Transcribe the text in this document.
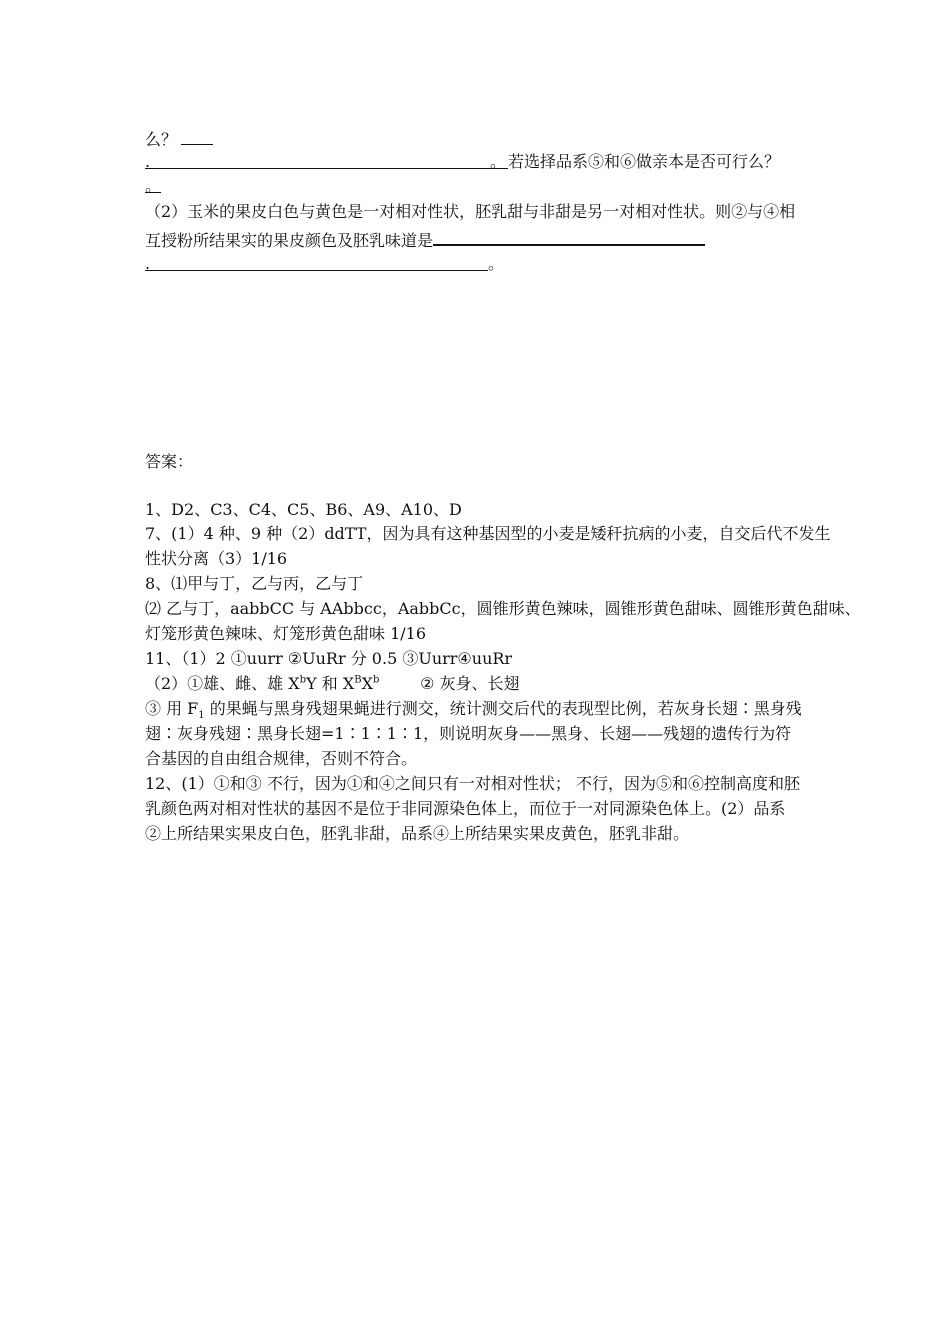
么？
.	。 若选择品系⑤和⑥做亲本是否可行么？
。
（2）玉米的果皮白色与黄色是一对相对性状，胚乳甜与非甜是另一对相对性状。则②与④相
互授粉所结果实的果皮颜色及胚乳味道是
.	。
答案：
1、D2、C3、C4、C5、B6、A9、A10、D
7、(1）4 种、9 种（2）ddTT，因为具有这种基因型的小麦是矮秆抗病的小麦，自交后代不发生
性状分离（3）1/16
8、⑴甲与丁，乙与丙，乙与丁
⑵ 乙与丁，aabbCC 与 AAbbcc，AabbCc，圆锥形黄色辣味，圆锥形黄色甜味、圆锥形黄色甜味、
灯笼形黄色辣味、灯笼形黄色甜味 1/16
11、（1）2 ①uurr ②UuRr 分 0.5 ③Uurr④uuRr
（2）①雄、雌、雄 $X^bY$ 和 $X^BX^b$        ② 灰身、长翅
③ 用 $F_1$ 的果蝇与黑身残翅果蝇进行测交，统计测交后代的表现型比例，若灰身长翅∶黑身残
翅∶灰身残翅∶黑身长翅=1∶1∶1∶1，则说明灰身——黑身、长翅——残翅的遗传行为符
合基因的自由组合规律，否则不符合。
12、(1）①和③ 不行，因为①和④之间只有一对相对性状； 不行，因为⑤和⑥控制高度和胚
乳颜色两对相对性状的基因不是位于非同源染色体上，而位于一对同源染色体上。(2）品系
②上所结果实果皮白色，胚乳非甜，品系④上所结果实果皮黄色，胚乳非甜。
